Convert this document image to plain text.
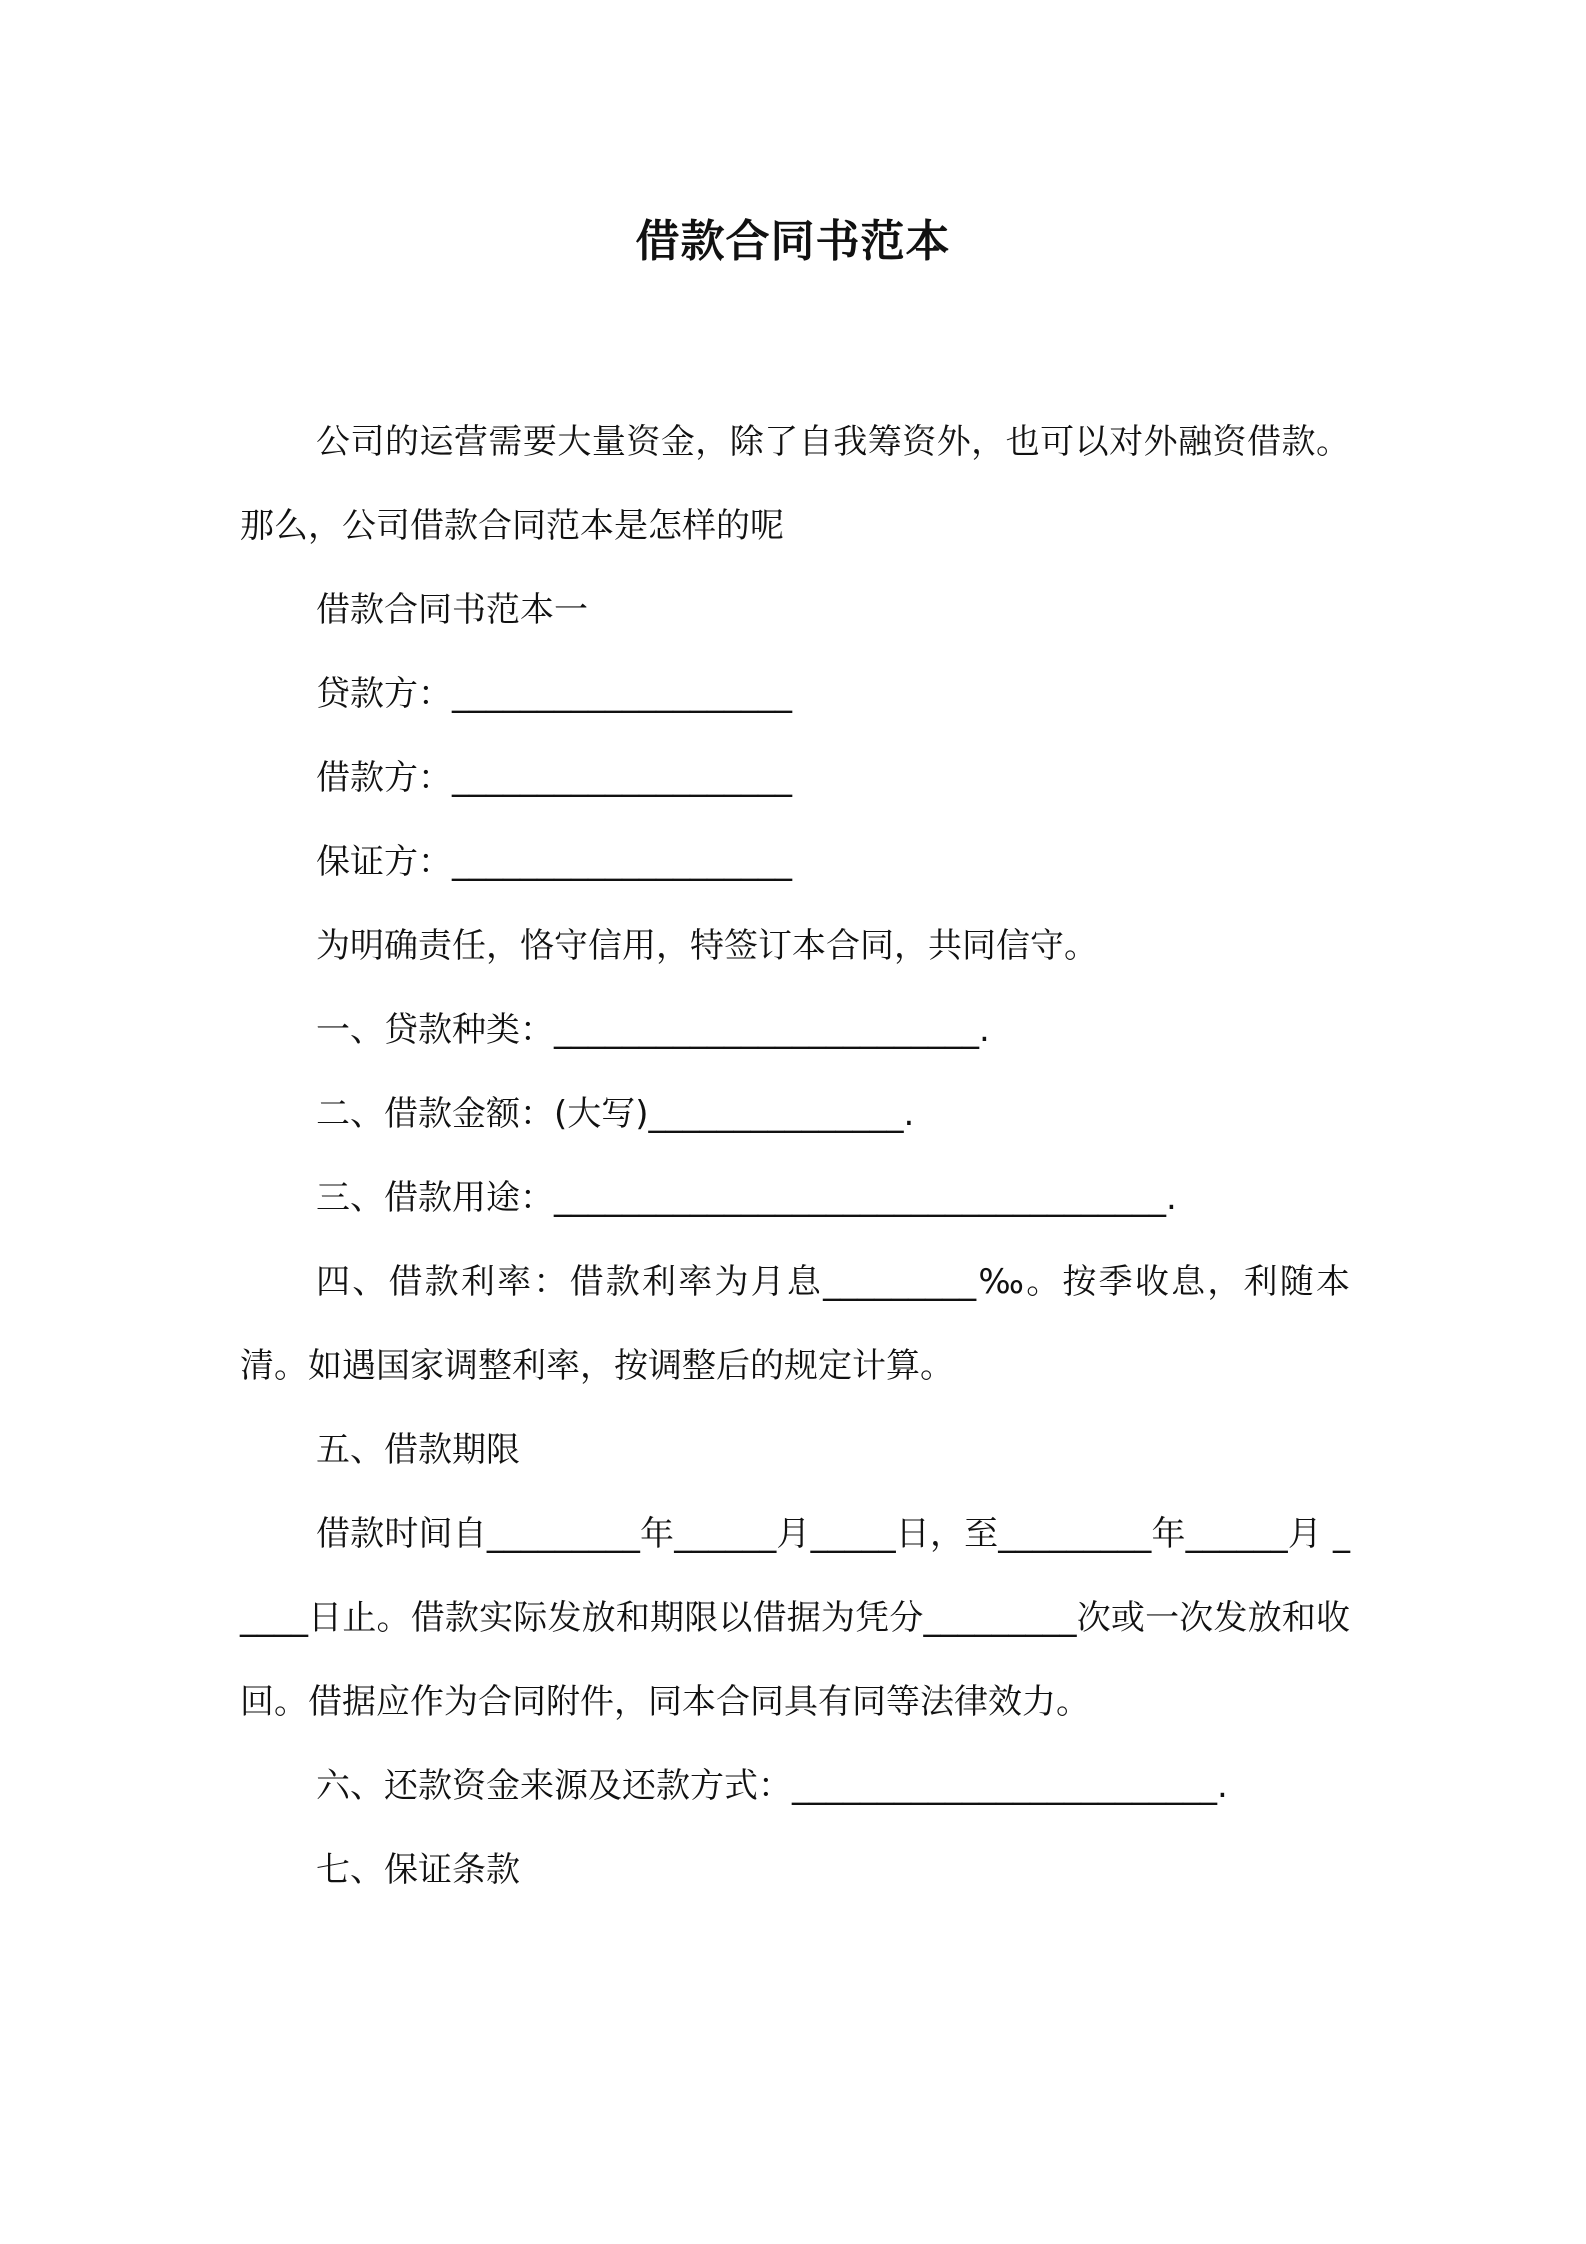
借款合同书范本

公司的运营需要大量资金，除了自我筹资外，也可以对外融资借款。那么，公司借款合同范本是怎样的呢

借款合同书范本一

贷款方：____________________

借款方：____________________

保证方：____________________

为明确责任，恪守信用，特签订本合同，共同信守。

一、贷款种类：_________________________.

二、借款金额：(大写)_______________.

三、借款用途：____________________________________.

四、借款利率：借款利率为月息_________‰。按季收息，利随本清。如遇国家调整利率，按调整后的规定计算。

五、借款期限

借款时间自_________年______月_____日，至_________年______月 _____日止。借款实际发放和期限以借据为凭分_________次或一次发放和收回。借据应作为合同附件，同本合同具有同等法律效力。

六、还款资金来源及还款方式：_________________________.

七、保证条款
